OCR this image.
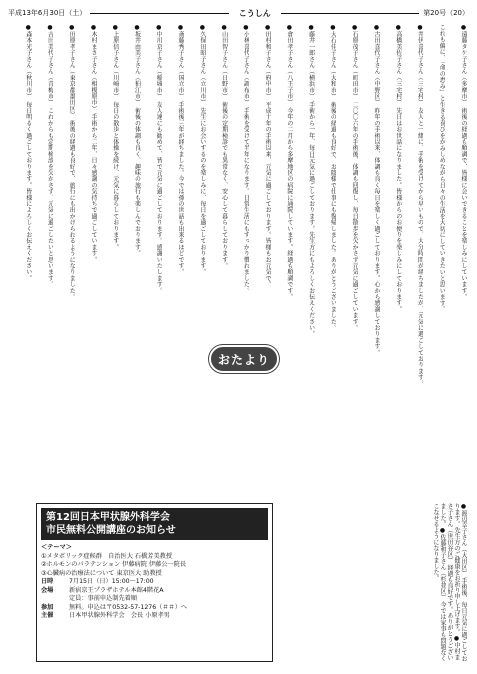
平成13年6月30日（土）	こうしん	第20号（20）
●遠藤タケ子さん（多摩市） 術後の経過も順調で、皆様に会いできることを楽しみにしています。
これも偏に、「命の恵み」と生きる喜びをかみしめながら日々の生活を大切にしていきたいと思います。
●井伊喜代子さん（三宅村） 友人と一緒に、手術を受けてから早いもので、大分時間が経ちましたが、元気に過ごしております。
●高橋美佐子さん（三宅村） 先日はお世話になりました。皆様からのお便りを楽しみにしております。
●古田喜代子さん（中野区） 昨年の手術以来、体調も良く毎日を楽しく過ごしております。心から感謝しております。
●石原茂子さん（町田市） 二〇〇六年の手術後、体調も回復し、毎日散歩を欠かさず元気に過ごしています。
●大石佳子さん（大和市） 術後の経過も良好で、お陰様で仕事にも復帰しました。ありがとうございました。
●藤井一郎さん（横浜市） 手術から一年、毎日元気に過ごしております。先生方にもよろしくお伝えください。
●倉田孝子さん（八王子市） 今年の二月から多摩地区の病院に通院しています。経過も順調です。
●田村和子さん（府中市） 平成十年の手術以来、元気に過ごしております。皆様もお元気で。
●小林喜代子さん（調布市） 手術を受けて半年になります。日常生活にもすっかり慣れました。
●山田智子さん（日野市） 術後の定期検診でも異常なく、安心して暮らしております。
●久保田昭子さん（立川市） 先生にお会いするのを楽しみに、毎日を過ごしております。
●斎藤秀子さん（国立市） 手術後三年が経ちました。今では孫の世話も出来るほどです。
●中川京子さん（稲城市） 友人達にも勧めて、皆で元気に過ごしております。感謝いたします。
●坂井由美子さん（狛江市） 術後の体調も良く、趣味の旅行も楽しんでおります。
●上原信子さん（川崎市） 毎日の散歩と体操を続け、元気に暮らしております。
●木村まさ子さん（相模原市） 手術から二年、日々感謝の気持ちで過ごしています。
●田原孝子さん（東京都墨田区） 術後の経過も良好で、旅行にも出かけられるようになりました。
●吉田美代子さん（青梅市） これからも定期検診を欠かさず、元気に過ごしたいと思います。
●森本光子さん（秋川市） 毎日明るく過ごしております。皆様によろしくお伝えください。
おたより
第12回日本甲状腺外科学会
市民無料公開講座のお知らせ
＜テーマ＞
①メタボリック症候群　自治医大 石橋芳美教授
②ホルモンのパラテンション 伊藤病院 伊藤公一院長
③心臓病の治療法について 東京医大 助教授
日時	7月15日（日）15:00～17:00
会場	新宿京王プラザホテル本館4階花A
定員：事前申込制先着順
参加	無料。申込は〒0532-57-1276（＃＃）へ
主催	日本甲状腺外科学会　会長 小原孝男	●渡辺幸子さん（大田区） 手術後、毎日元気に過ごしております。先生方のご健康をお祈り申し上げます。●中村まさ子さん（世田谷区） 経過も良好です。ありがとうございました。●佐藤和子さん（杉並区） 今では家事も問題なくこなせるようになりました。
